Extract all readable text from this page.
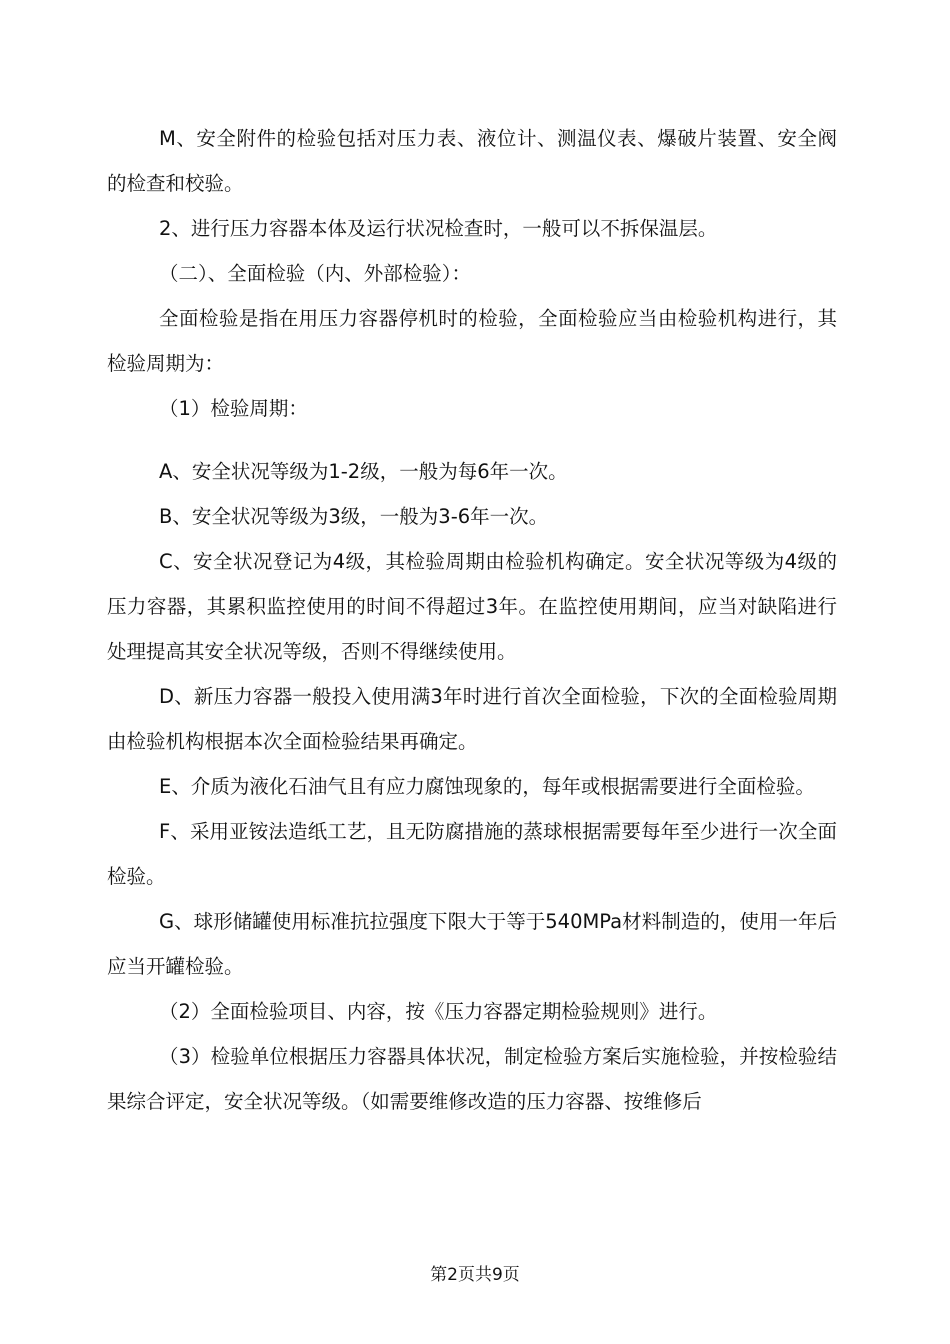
M、安全附件的检验包括对压力表、液位计、测温仪表、爆破片装置、安全阀的检查和校验。

2、进行压力容器本体及运行状况检查时，一般可以不拆保温层。

（二）、全面检验（内、外部检验）：

全面检验是指在用压力容器停机时的检验，全面检验应当由检验机构进行，其检验周期为：

（1）检验周期：

A、安全状况等级为1-2级，一般为每6年一次。

B、安全状况等级为3级，一般为3-6年一次。

C、安全状况登记为4级，其检验周期由检验机构确定。安全状况等级为4级的压力容器，其累积监控使用的时间不得超过3年。在监控使用期间，应当对缺陷进行处理提高其安全状况等级，否则不得继续使用。

D、新压力容器一般投入使用满3年时进行首次全面检验，下次的全面检验周期由检验机构根据本次全面检验结果再确定。

E、介质为液化石油气且有应力腐蚀现象的，每年或根据需要进行全面检验。

F、采用亚铵法造纸工艺，且无防腐措施的蒸球根据需要每年至少进行一次全面检验。

G、球形储罐使用标准抗拉强度下限大于等于540MPa材料制造的，使用一年后应当开罐检验。

（2）全面检验项目、内容，按《压力容器定期检验规则》进行。

（3）检验单位根据压力容器具体状况，制定检验方案后实施检验，并按检验结果综合评定，安全状况等级。（如需要维修改造的压力容器、按维修后

第2页共9页
